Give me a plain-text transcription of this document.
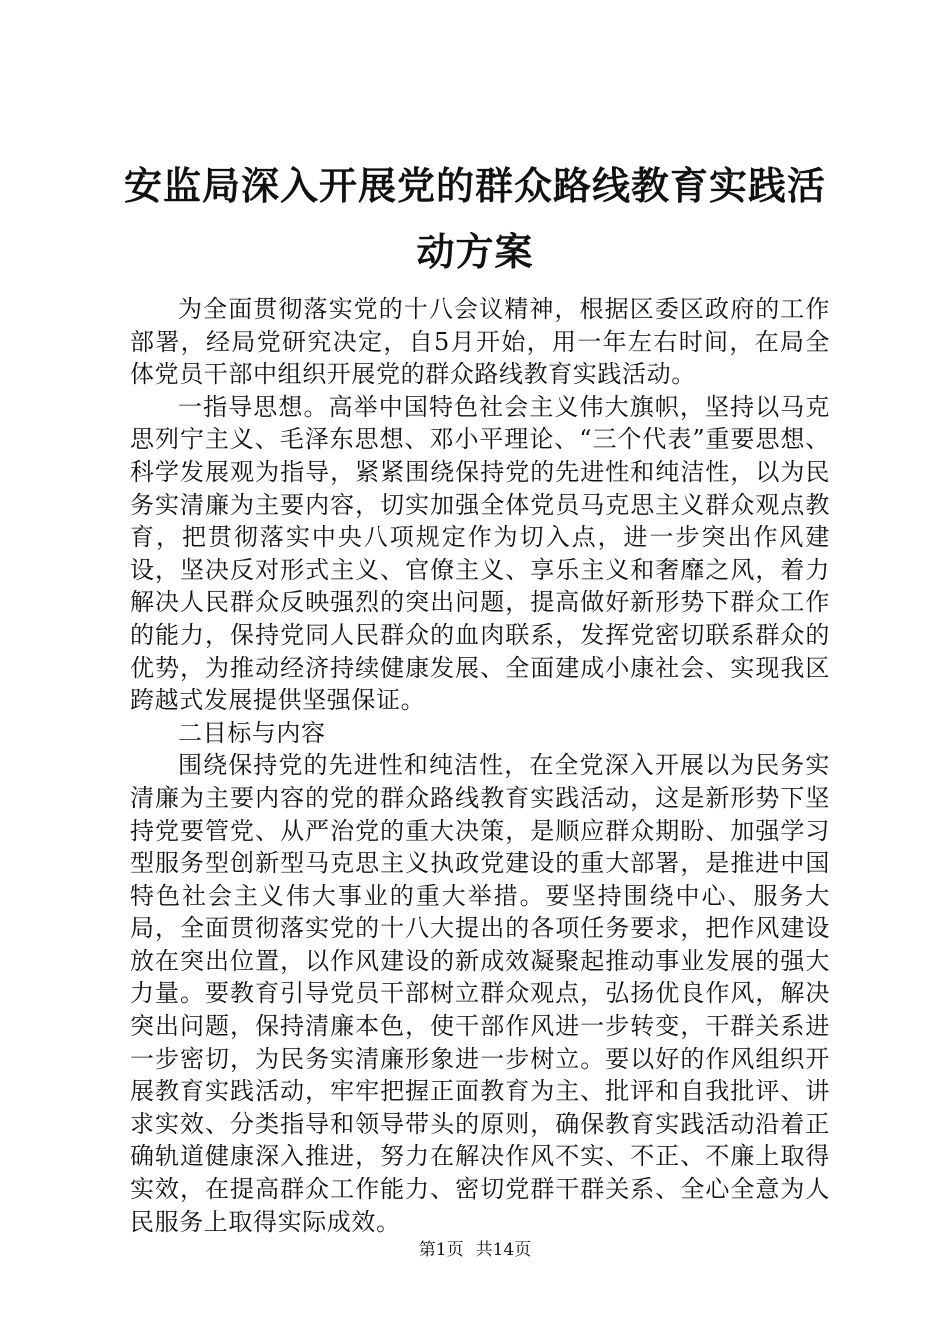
安监局深入开展党的群众路线教育实践活动方案

为全面贯彻落实党的十八会议精神，根据区委区政府的工作部署，经局党研究决定，自5月开始，用一年左右时间，在局全体党员干部中组织开展党的群众路线教育实践活动。

一指导思想。高举中国特色社会主义伟大旗帜，坚持以马克思列宁主义、毛泽东思想、邓小平理论、“三个代表”重要思想、科学发展观为指导，紧紧围绕保持党的先进性和纯洁性，以为民务实清廉为主要内容，切实加强全体党员马克思主义群众观点教育，把贯彻落实中央八项规定作为切入点，进一步突出作风建设，坚决反对形式主义、官僚主义、享乐主义和奢靡之风，着力解决人民群众反映强烈的突出问题，提高做好新形势下群众工作的能力，保持党同人民群众的血肉联系，发挥党密切联系群众的优势，为推动经济持续健康发展、全面建成小康社会、实现我区跨越式发展提供坚强保证。

二目标与内容

围绕保持党的先进性和纯洁性，在全党深入开展以为民务实清廉为主要内容的党的群众路线教育实践活动，这是新形势下坚持党要管党、从严治党的重大决策，是顺应群众期盼、加强学习型服务型创新型马克思主义执政党建设的重大部署，是推进中国特色社会主义伟大事业的重大举措。要坚持围绕中心、服务大局，全面贯彻落实党的十八大提出的各项任务要求，把作风建设放在突出位置，以作风建设的新成效凝聚起推动事业发展的强大力量。要教育引导党员干部树立群众观点，弘扬优良作风，解决突出问题，保持清廉本色，使干部作风进一步转变，干群关系进一步密切，为民务实清廉形象进一步树立。要以好的作风组织开展教育实践活动，牢牢把握正面教育为主、批评和自我批评、讲求实效、分类指导和领导带头的原则，确保教育实践活动沿着正确轨道健康深入推进，努力在解决作风不实、不正、不廉上取得实效，在提高群众工作能力、密切党群干群关系、全心全意为人民服务上取得实际成效。

第1页 共14页
